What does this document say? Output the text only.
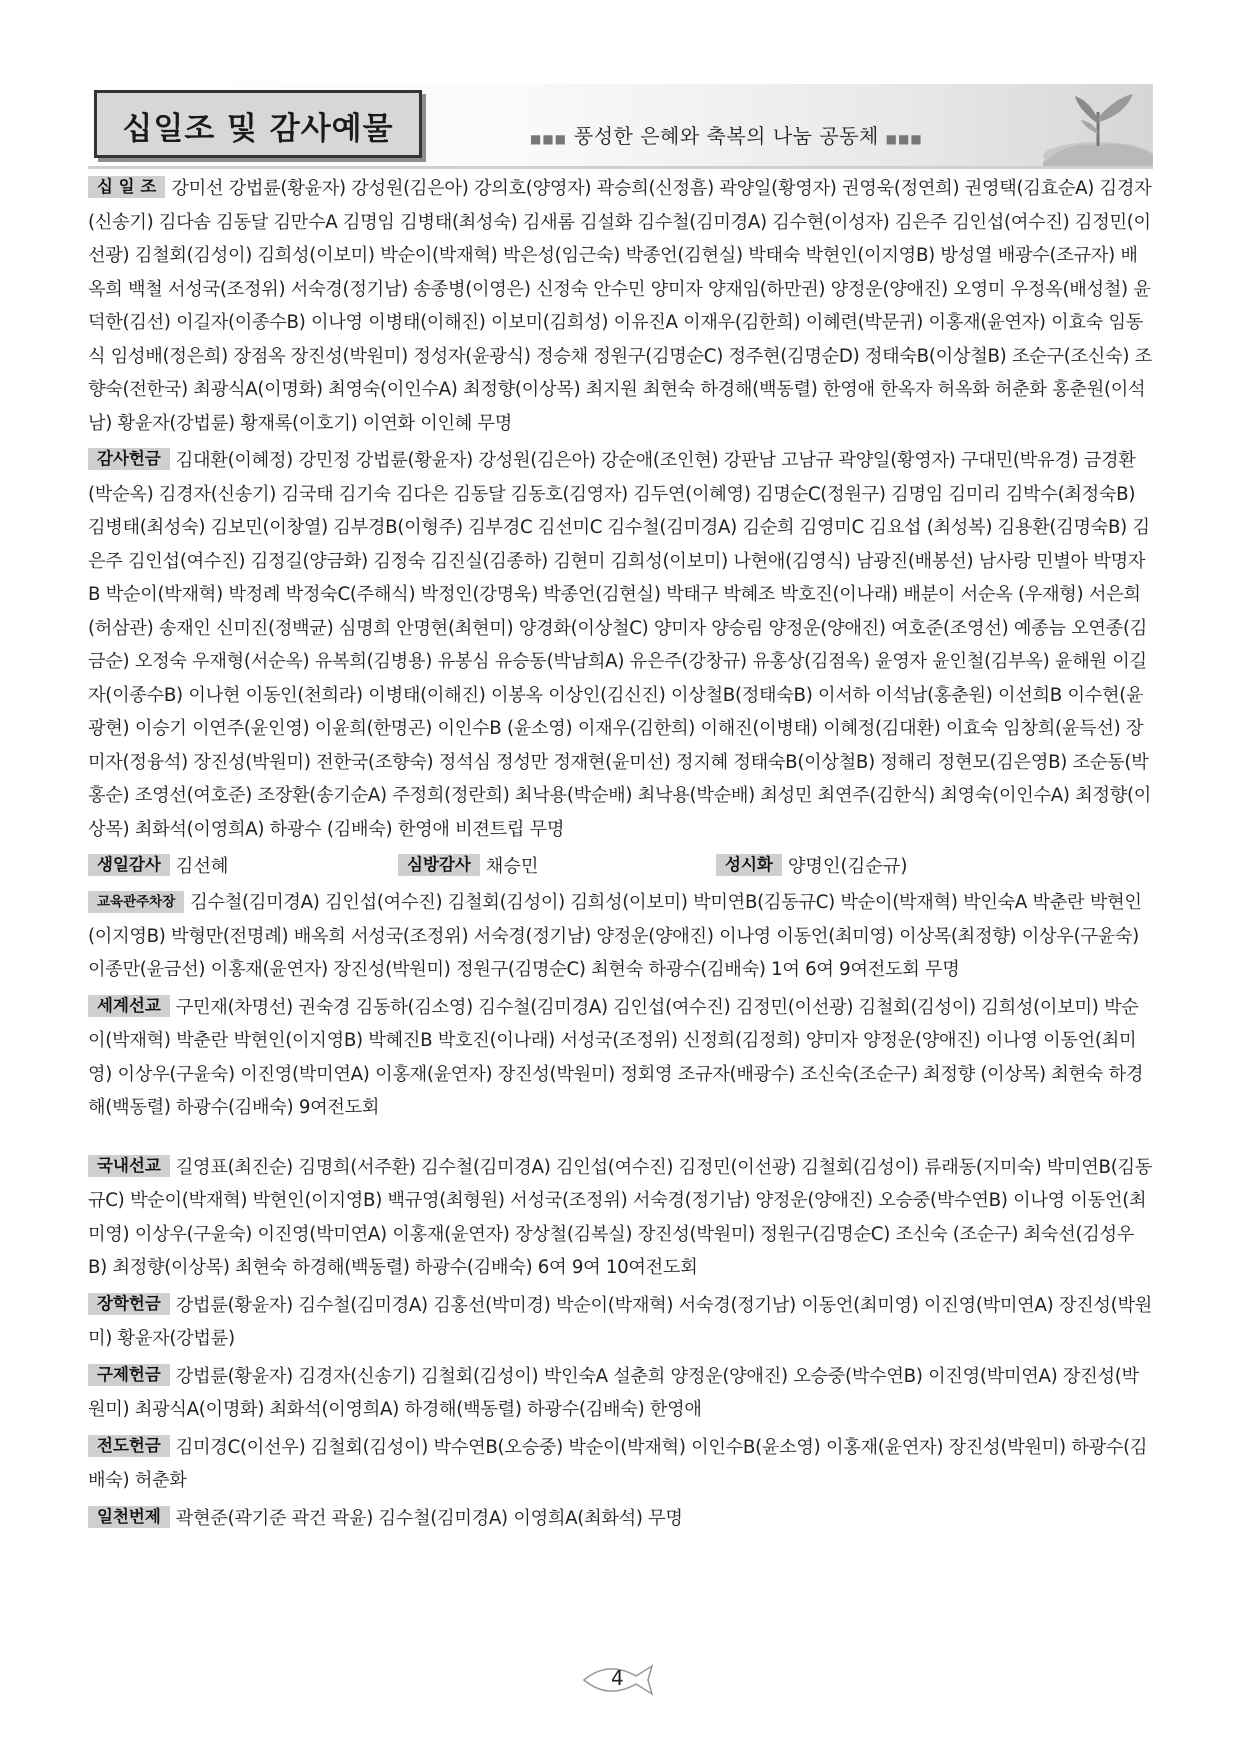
십일조 및 감사예물	■■■ 풍성한 은혜와 축복의 나눔 공동체 ■■■
십 일 조 강미선 강법륜(황윤자) 강성원(김은아) 강의호(양영자) 곽승희(신정흠) 곽양일(황영자) 권영욱(정연희) 권영택(김효순A) 김경자(신송기) 김다솜 김동달 김만수A 김명임 김병태(최성숙) 김새롬 김설화 김수철(김미경A) 김수현(이성자) 김은주 김인섭(여수진) 김정민(이선광) 김철회(김성이) 김희성(이보미) 박순이(박재혁) 박은성(임근숙) 박종언(김현실) 박태숙 박현인(이지영B) 방성열 배광수(조규자) 배옥희 백철 서성국(조정위) 서숙경(정기남) 송종병(이영은) 신정숙 안수민 양미자 양재임(하만권) 양정운(양애진) 오영미 우정옥(배성철) 윤덕한(김선) 이길자(이종수B) 이나영 이병태(이해진) 이보미(김희성) 이유진A 이재우(김한희) 이혜련(박문귀) 이홍재(윤연자) 이효숙 임동식 임성배(정은희) 장점옥 장진성(박원미) 정성자(윤광식) 정승채 정원구(김명순C) 정주현(김명순D) 정태숙B(이상철B) 조순구(조신숙) 조향숙(전한국) 최광식A(이명화) 최영숙(이인수A) 최정향(이상목) 최지원 최현숙 하경해(백동렬) 한영애 한옥자 허옥화 허춘화 홍춘원(이석남) 황윤자(강법륜) 황재록(이호기) 이연화 이인혜 무명
감사헌금 김대환(이혜정) 강민정 강법륜(황윤자) 강성원(김은아) 강순애(조인현) 강판남 고남규 곽양일(황영자) 구대민(박유경) 금경환(박순옥) 김경자(신송기) 김국태 김기숙 김다은 김동달 김동호(김영자) 김두연(이혜영) 김명순C(정원구) 김명임 김미리 김박수(최정숙B) 김병태(최성숙) 김보민(이창열) 김부경B(이형주) 김부경C 김선미C 김수철(김미경A) 김순희 김영미C 김요섭 (최성복) 김용환(김명숙B) 김은주 김인섭(여수진) 김정길(양금화) 김정숙 김진실(김종하) 김현미 김희성(이보미) 나현애(김영식) 남광진(배봉선) 남사랑 민별아 박명자B 박순이(박재혁) 박정례 박정숙C(주해식) 박정인(강명욱) 박종언(김현실) 박태구 박혜조 박호진(이나래) 배분이 서순옥 (우재형) 서은희(허삼관) 송재인 신미진(정백균) 심명희 안명현(최현미) 양경화(이상철C) 양미자 양승림 양정운(양애진) 여호준(조영선) 예종늠 오연종(김금순) 오정숙 우재형(서순옥) 유복희(김병용) 유봉심 유승동(박남희A) 유은주(강창규) 유홍상(김점옥) 윤영자 윤인철(김부옥) 윤해원 이길자(이종수B) 이나현 이동인(천희라) 이병태(이해진) 이봉옥 이상인(김신진) 이상철B(정태숙B) 이서하 이석남(홍춘원) 이선희B 이수현(윤광현) 이승기 이연주(윤인영) 이윤희(한명곤) 이인수B (윤소영) 이재우(김한희) 이해진(이병태) 이혜정(김대환) 이효숙 임창희(윤득선) 장미자(정융석) 장진성(박원미) 전한국(조향숙) 정석심 정성만 정재현(윤미선) 정지혜 정태숙B(이상철B) 정해리 정현모(김은영B) 조순동(박홍순) 조영선(여호준) 조장환(송기순A) 주정희(정란희) 최낙용(박순배) 최낙용(박순배) 최성민 최연주(김한식) 최영숙(이인수A) 최정향(이상목) 최화석(이영희A) 하광수 (김배숙) 한영애 비젼트립 무명
생일감사 김선혜	심방감사 채승민	성시화 양명인(김순규)
교육관주차장 김수철(김미경A) 김인섭(여수진) 김철회(김성이) 김희성(이보미) 박미연B(김동규C) 박순이(박재혁) 박인숙A 박춘란 박현인(이지영B) 박형만(전명례) 배옥희 서성국(조정위) 서숙경(정기남) 양정운(양애진) 이나영 이동언(최미영) 이상목(최정향) 이상우(구윤숙) 이종만(윤금선) 이홍재(윤연자) 장진성(박원미) 정원구(김명순C) 최현숙 하광수(김배숙) 1여 6여 9여전도회 무명
세계선교 구민재(차명선) 권숙경 김동하(김소영) 김수철(김미경A) 김인섭(여수진) 김정민(이선광) 김철회(김성이) 김희성(이보미) 박순이(박재혁) 박춘란 박현인(이지영B) 박혜진B 박호진(이나래) 서성국(조정위) 신정희(김정희) 양미자 양정운(양애진) 이나영 이동언(최미영) 이상우(구윤숙) 이진영(박미연A) 이홍재(윤연자) 장진성(박원미) 정회영 조규자(배광수) 조신숙(조순구) 최정향 (이상목) 최현숙 하경해(백동렬) 하광수(김배숙) 9여전도회
국내선교 길영표(최진순) 김명희(서주환) 김수철(김미경A) 김인섭(여수진) 김정민(이선광) 김철회(김성이) 류래동(지미숙) 박미연B(김동규C) 박순이(박재혁) 박현인(이지영B) 백규영(최형원) 서성국(조정위) 서숙경(정기남) 양정운(양애진) 오승중(박수연B) 이나영 이동언(최미영) 이상우(구윤숙) 이진영(박미연A) 이홍재(윤연자) 장상철(김복실) 장진성(박원미) 정원구(김명순C) 조신숙 (조순구) 최숙선(김성우B) 최정향(이상목) 최현숙 하경해(백동렬) 하광수(김배숙) 6여 9여 10여전도회
장학헌금 강법륜(황윤자) 김수철(김미경A) 김홍선(박미경) 박순이(박재혁) 서숙경(정기남) 이동언(최미영) 이진영(박미연A) 장진성(박원미) 황윤자(강법륜)
구제헌금 강법륜(황윤자) 김경자(신송기) 김철회(김성이) 박인숙A 설춘희 양정운(양애진) 오승중(박수연B) 이진영(박미연A) 장진성(박원미) 최광식A(이명화) 최화석(이영희A) 하경해(백동렬) 하광수(김배숙) 한영애
전도헌금 김미경C(이선우) 김철회(김성이) 박수연B(오승중) 박순이(박재혁) 이인수B(윤소영) 이홍재(윤연자) 장진성(박원미) 하광수(김배숙) 허춘화
일천번제 곽현준(곽기준 곽건 곽윤) 김수철(김미경A) 이영희A(최화석) 무명
4
